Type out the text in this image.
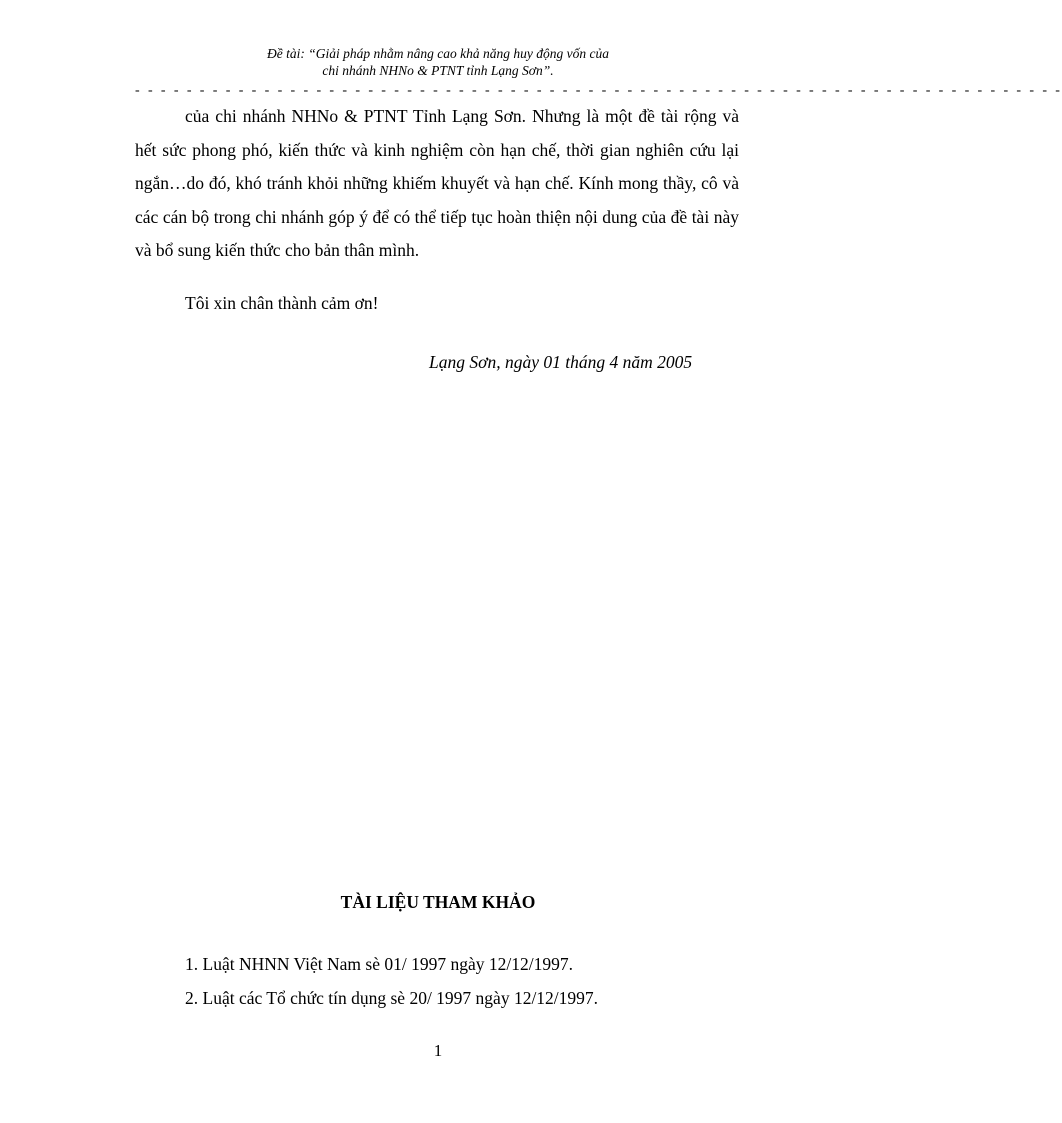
Đề tài: “Giải pháp nhằm nâng cao khả năng huy động vốn của
chi nhánh NHNo & PTNT tỉnh Lạng Sơn”.
- - - - - - - - - - - - - - - - - - - - - - - - - - - - - - - - - - - - - - - - - - - - - - - - - - - - - - - - - - - - - - - - - - - - - - - -

của chi nhánh NHNo & PTNT Tỉnh Lạng Sơn. Nhưng là một đề tài rộng và hết sức phong phó, kiến thức và kinh nghiệm còn hạn chế, thời gian nghiên cứu lại ngắn…do đó, khó tránh khỏi những khiếm khuyết và hạn chế. Kính mong thầy, cô và các cán bộ trong chi nhánh góp ý để có thể tiếp tục hoàn thiện nội dung của đề tài này và bổ sung kiến thức cho bản thân mình.

Tôi xin chân thành cảm ơn!

Lạng Sơn, ngày 01 tháng 4 năm 2005

TÀI LIỆU THAM KHẢO
1. Luật NHNN Việt Nam sè 01/ 1997 ngày 12/12/1997.
2. Luật các Tổ chức tín dụng sè 20/ 1997 ngày 12/12/1997.
1
